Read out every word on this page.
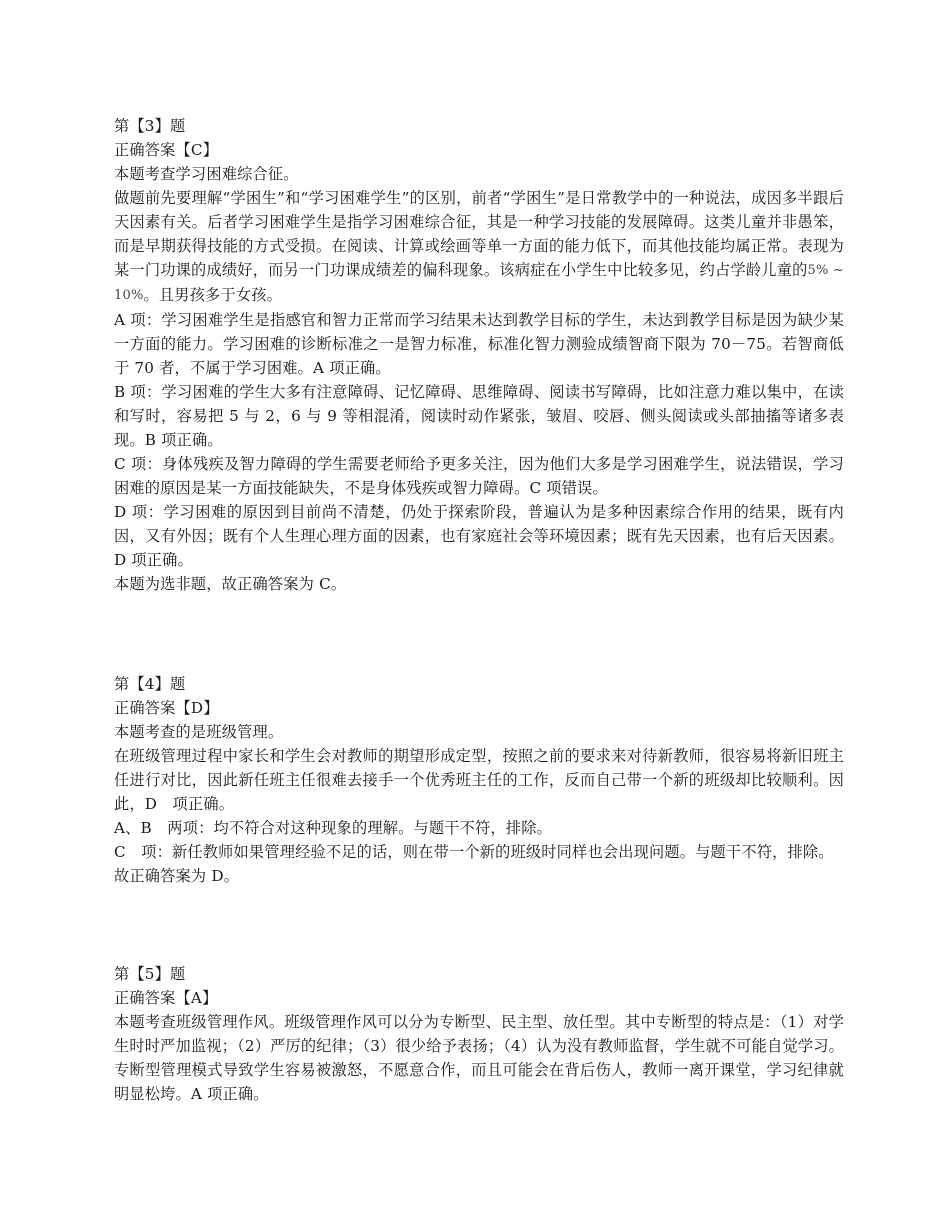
第【3】题

正确答案【C】

本题考查学习困难综合征。

做题前先要理解“学困生”和“学习困难学生”的区别，前者“学困生”是日常教学中的一种说法，成因多半跟后天因素有关。后者学习困难学生是指学习困难综合征，其是一种学习技能的发展障碍。这类儿童并非愚笨，而是早期获得技能的方式受损。在阅读、计算或绘画等单一方面的能力低下，而其他技能均属正常。表现为某一门功课的成绩好，而另一门功课成绩差的偏科现象。该病症在小学生中比较多见，约占学龄儿童的5% ~ 10%。且男孩多于女孩。

A 项：学习困难学生是指感官和智力正常而学习结果未达到教学目标的学生，未达到教学目标是因为缺少某一方面的能力。学习困难的诊断标准之一是智力标准，标准化智力测验成绩智商下限为 70－75。若智商低于 70 者，不属于学习困难。A 项正确。

B 项：学习困难的学生大多有注意障碍、记忆障碍、思维障碍、阅读书写障碍，比如注意力难以集中，在读和写时，容易把 5 与 2，6 与 9 等相混淆，阅读时动作紧张，皱眉、咬唇、侧头阅读或头部抽搐等诸多表现。B 项正确。

C 项：身体残疾及智力障碍的学生需要老师给予更多关注，因为他们大多是学习困难学生，说法错误，学习困难的原因是某一方面技能缺失，不是身体残疾或智力障碍。C 项错误。

D 项：学习困难的原因到目前尚不清楚，仍处于探索阶段，普遍认为是多种因素综合作用的结果，既有内因，又有外因；既有个人生理心理方面的因素，也有家庭社会等环境因素；既有先天因素，也有后天因素。D 项正确。

本题为选非题，故正确答案为 C。

第【4】题

正确答案【D】

本题考查的是班级管理。

在班级管理过程中家长和学生会对教师的期望形成定型，按照之前的要求来对待新教师，很容易将新旧班主任进行对比，因此新任班主任很难去接手一个优秀班主任的工作，反而自己带一个新的班级却比较顺利。因此，D　项正确。

A、B　两项：均不符合对这种现象的理解。与题干不符，排除。

C　项：新任教师如果管理经验不足的话，则在带一个新的班级时同样也会出现问题。与题干不符，排除。

故正确答案为 D。

第【5】题

正确答案【A】

本题考查班级管理作风。班级管理作风可以分为专断型、民主型、放任型。其中专断型的特点是：（1）对学生时时严加监视；（2）严厉的纪律；（3）很少给予表扬；（4）认为没有教师监督，学生就不可能自觉学习。专断型管理模式导致学生容易被激怒，不愿意合作，而且可能会在背后伤人，教师一离开课堂，学习纪律就明显松垮。A 项正确。
